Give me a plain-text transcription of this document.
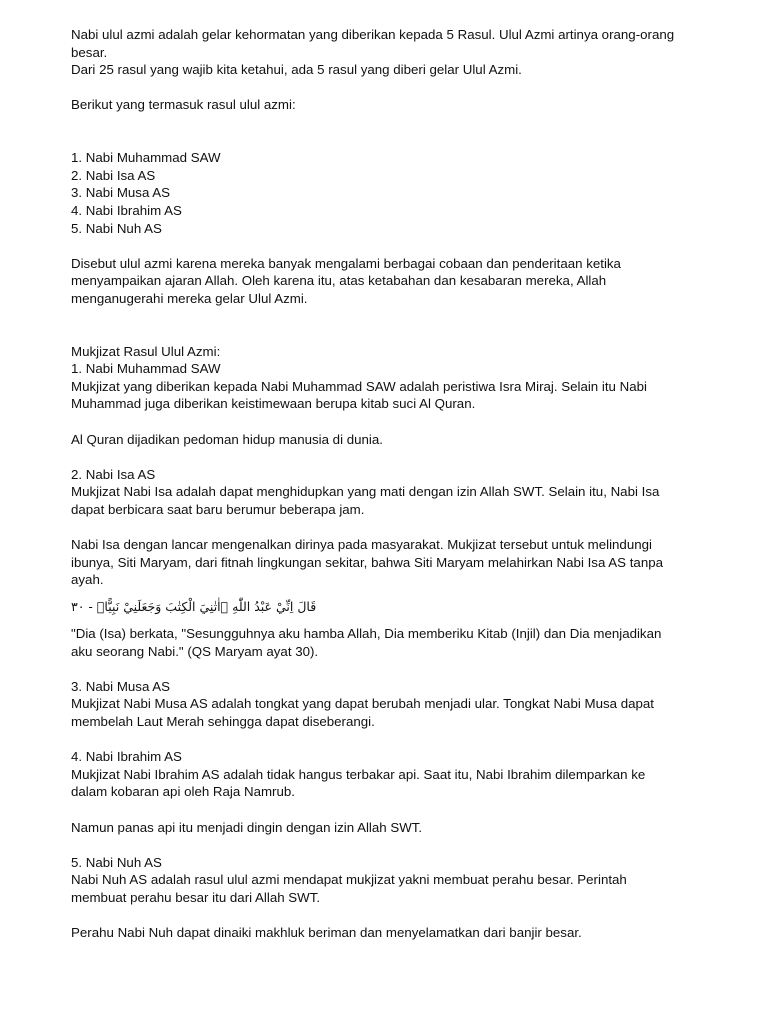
Nabi ulul azmi adalah gelar kehormatan yang diberikan kepada 5 Rasul. Ulul Azmi artinya orang-orang
besar.
Dari 25 rasul yang wajib kita ketahui, ada 5 rasul yang diberi gelar Ulul Azmi.
Berikut yang termasuk rasul ulul azmi:
1. Nabi Muhammad SAW
2. Nabi Isa AS
3. Nabi Musa AS
4. Nabi Ibrahim AS
5. Nabi Nuh AS
Disebut ulul azmi karena mereka banyak mengalami berbagai cobaan dan penderitaan ketika
menyampaikan ajaran Allah. Oleh karena itu, atas ketabahan dan kesabaran mereka, Allah
menganugerahi mereka gelar Ulul Azmi.
Mukjizat Rasul Ulul Azmi:
1. Nabi Muhammad SAW
Mukjizat yang diberikan kepada Nabi Muhammad SAW adalah peristiwa Isra Miraj. Selain itu Nabi
Muhammad juga diberikan keistimewaan berupa kitab suci Al Quran.
Al Quran dijadikan pedoman hidup manusia di dunia.
2. Nabi Isa AS
Mukjizat Nabi Isa adalah dapat menghidupkan yang mati dengan izin Allah SWT. Selain itu, Nabi Isa
dapat berbicara saat baru berumur beberapa jam.
Nabi Isa dengan lancar mengenalkan dirinya pada masyarakat. Mukjizat tersebut untuk melindungi
ibunya, Siti Maryam, dari fitnah lingkungan sekitar, bahwa Siti Maryam melahirkan Nabi Isa AS tanpa
ayah.
قَالَ اِنِّيْ عَبْدُ اللّٰهِ ۗاٰتٰنِيَ الْكِتٰبَ وَجَعَلَنِيْ نَبِيًّاۙ - ٣٠
"Dia (Isa) berkata, "Sesungguhnya aku hamba Allah, Dia memberiku Kitab (Injil) dan Dia menjadikan
aku seorang Nabi." (QS Maryam ayat 30).
3. Nabi Musa AS
Mukjizat Nabi Musa AS adalah tongkat yang dapat berubah menjadi ular. Tongkat Nabi Musa dapat
membelah Laut Merah sehingga dapat diseberangi.
4. Nabi Ibrahim AS
Mukjizat Nabi Ibrahim AS adalah tidak hangus terbakar api. Saat itu, Nabi Ibrahim dilemparkan ke
dalam kobaran api oleh Raja Namrub.
Namun panas api itu menjadi dingin dengan izin Allah SWT.
5. Nabi Nuh AS
Nabi Nuh AS adalah rasul ulul azmi mendapat mukjizat yakni membuat perahu besar. Perintah
membuat perahu besar itu dari Allah SWT.
Perahu Nabi Nuh dapat dinaiki makhluk beriman dan menyelamatkan dari banjir besar.
